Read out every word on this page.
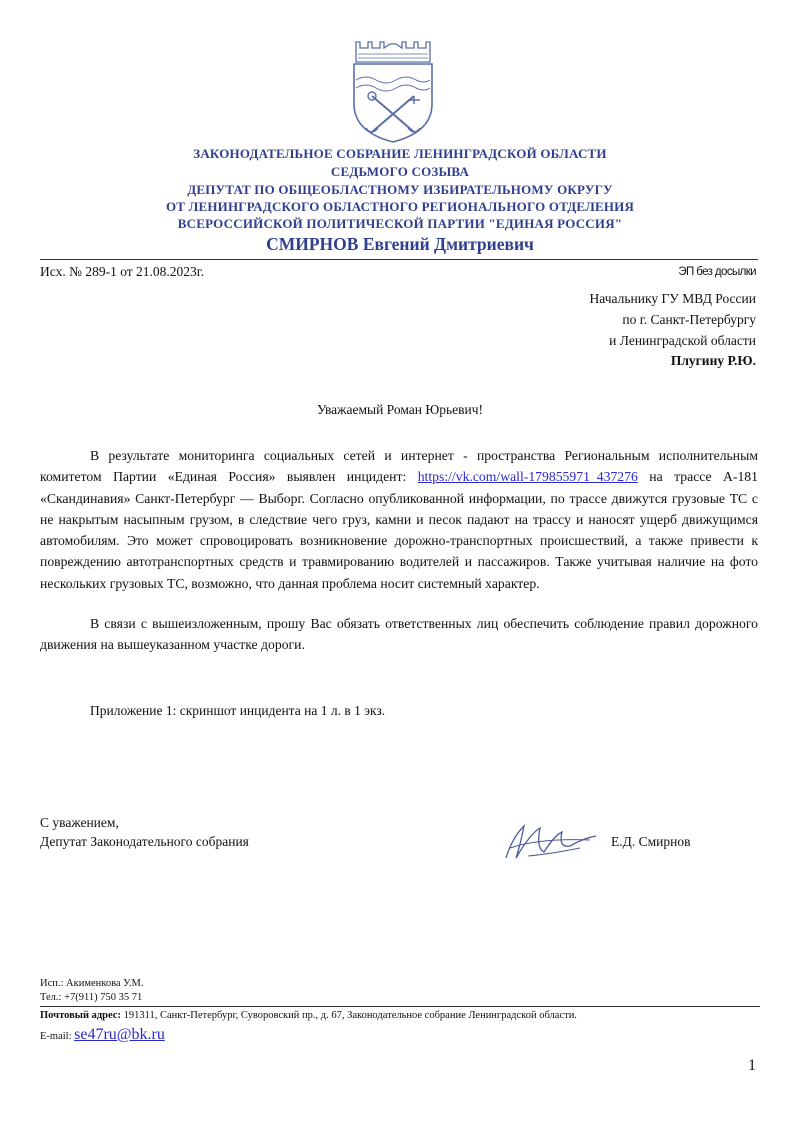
ЗАКОНОДАТЕЛЬНОЕ СОБРАНИЕ ЛЕНИНГРАДСКОЙ ОБЛАСТИ
СЕДЬМОГО СОЗЫВА
ДЕПУТАТ ПО ОБЩЕОБЛАСТНОМУ ИЗБИРАТЕЛЬНОМУ ОКРУГУ
ОТ ЛЕНИНГРАДСКОГО ОБЛАСТНОГО РЕГИОНАЛЬНОГО ОТДЕЛЕНИЯ
ВСЕРОССИЙСКОЙ ПОЛИТИЧЕСКОЙ ПАРТИИ "ЕДИНАЯ РОССИЯ"
СМИРНОВ Евгений Дмитриевич
Исх. № 289-1 от 21.08.2023г.	ЭП без досылки
Начальнику ГУ МВД России
по г. Санкт-Петербургу
и Ленинградской области
Плугину Р.Ю.
Уважаемый Роман Юрьевич!
В результате мониторинга социальных сетей и интернет - пространства Региональным исполнительным комитетом Партии «Единая Россия» выявлен инцидент: https://vk.com/wall-179855971_437276 на трассе А-181 «Скандинавия» Санкт-Петербург — Выборг. Согласно опубликованной информации, по трассе движутся грузовые ТС с не накрытым насыпным грузом, в следствие чего груз, камни и песок падают на трассу и наносят ущерб движущимся автомобилям. Это может спровоцировать возникновение дорожно-транспортных происшествий, а также привести к повреждению автотранспортных средств и травмированию водителей и пассажиров. Также учитывая наличие на фото нескольких грузовых ТС, возможно, что данная проблема носит системный характер.
В связи с вышеизложенным, прошу Вас обязать ответственных лиц обеспечить соблюдение правил дорожного движения на вышеуказанном участке дороги.
Приложение 1: скриншот инцидента на 1 л. в 1 экз.
С уважением,
Депутат Законодательного собрания	Е.Д. Смирнов
Исп.: Акименкова У.М.
Тел.: +7(911) 750 35 71
Почтовый адрес: 191311, Санкт-Петербург, Суворовский пр., д. 67, Законодательное собрание Ленинградской области.
E-mail: se47ru@bk.ru
1
